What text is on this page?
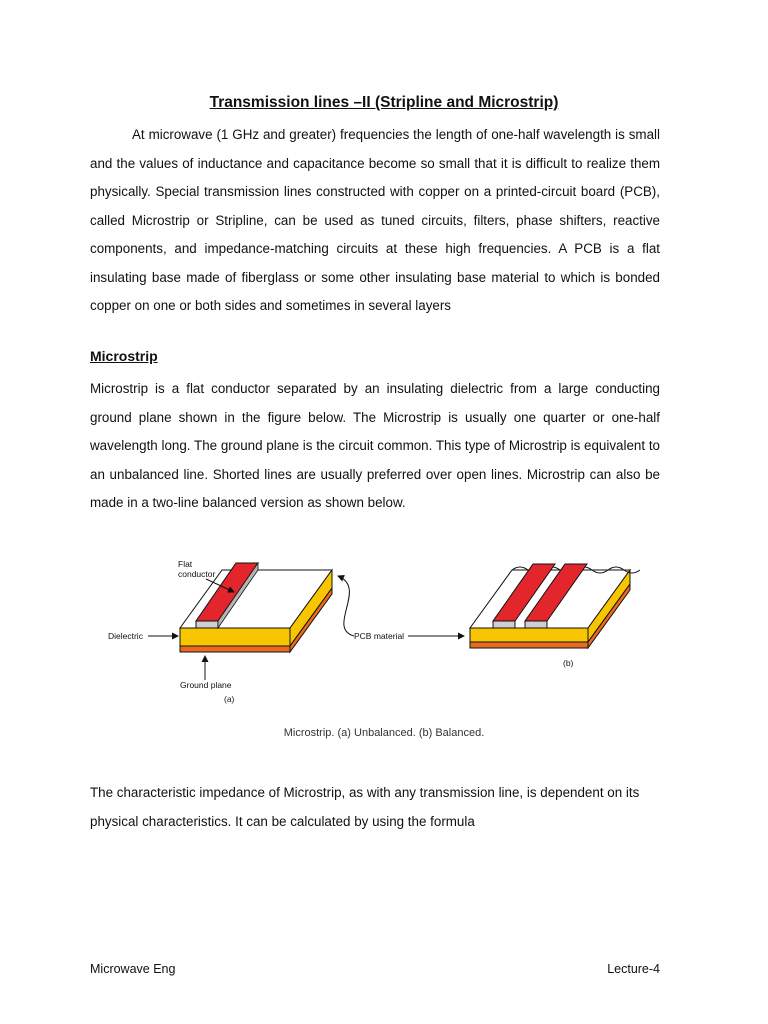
Transmission lines –II (Stripline and Microstrip)

At microwave (1 GHz and greater) frequencies the length of one-half wavelength is small and the values of inductance and capacitance become so small that it is difficult to realize them physically. Special transmission lines constructed with copper on a printed-circuit board (PCB), called Microstrip or Stripline, can be used as tuned circuits, filters, phase shifters, reactive components, and impedance-matching circuits at these high frequencies. A PCB is a flat insulating base made of fiberglass or some other insulating base material to which is bonded copper on one or both sides and sometimes in several layers

Microstrip

Microstrip is a flat conductor separated by an insulating dielectric from a large conducting ground plane shown in the figure below. The Microstrip is usually one quarter or one-half wavelength long. The ground plane is the circuit common. This type of Microstrip is equivalent to an unbalanced line. Shorted lines are usually preferred over open lines. Microstrip can also be made in a two-line balanced version as shown below.

Flat
conductor
Dielectric
Ground plane
(a)
PCB material
(b)
Microstrip. (a) Unbalanced. (b) Balanced.

The characteristic impedance of Microstrip, as with any transmission line, is dependent on its physical characteristics. It can be calculated by using the formula

Microwave Eng	Lecture-4
